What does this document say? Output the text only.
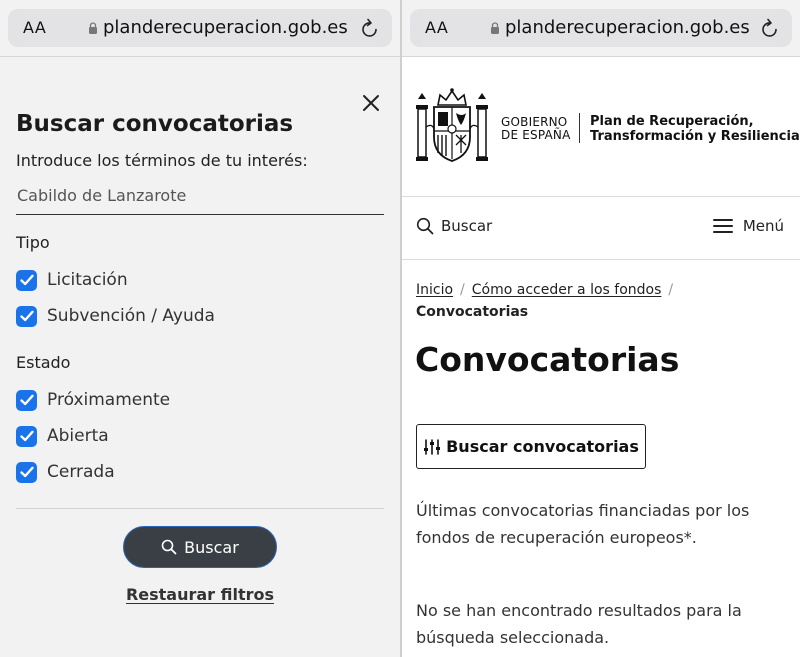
AA	planderecuperacion.gob.es
Buscar convocatorias
Introduce los términos de tu interés:
Cabildo de Lanzarote
Tipo
Licitación
Subvención / Ayuda
Estado
Próximamente
Abierta
Cerrada
Buscar
Restaurar filtros
AA	planderecuperacion.gob.es
GOBIERNO
DE ESPAÑA
Plan de Recuperación,
Transformación y Resiliencia
Buscar	Menú
Inicio / Cómo acceder a los fondos /
Convocatorias
Convocatorias
Buscar convocatorias
Últimas convocatorias financiadas por los fondos de recuperación europeos*.
No se han encontrado resultados para la búsqueda seleccionada.
